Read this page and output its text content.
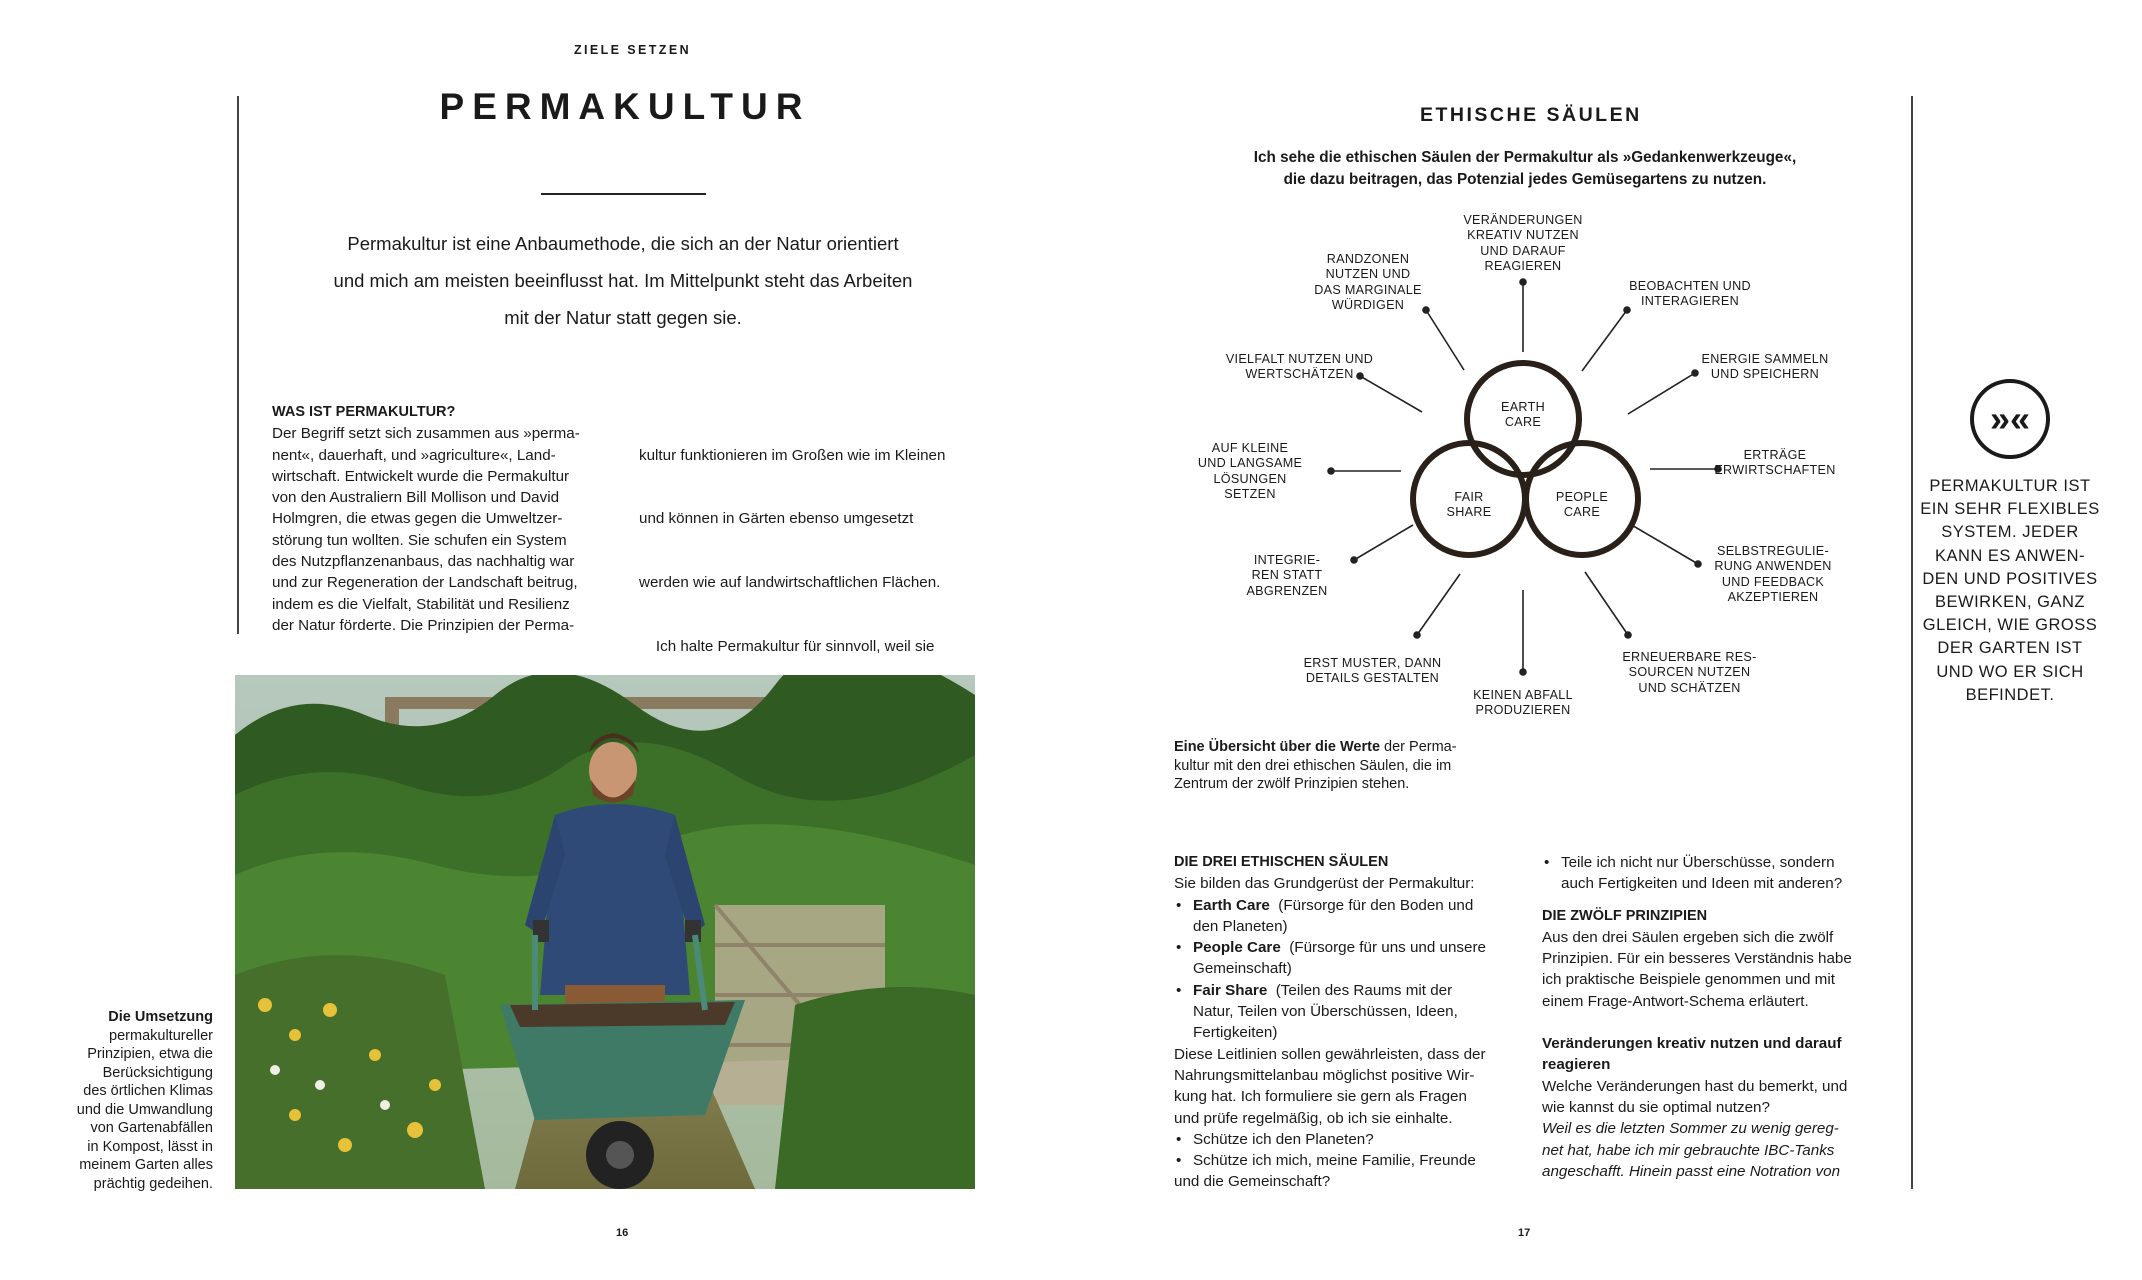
ZIELE SETZEN
PERMAKULTUR
Permakultur ist eine Anbaumethode, die sich an der Natur orientiert
und mich am meisten beeinflusst hat. Im Mittelpunkt steht das Arbeiten
mit der Natur statt gegen sie.
WAS IST PERMAKULTUR?
Der Begriff setzt sich zusammen aus »perma-
nent«, dauerhaft, und »agriculture«, Land-
wirtschaft. Entwickelt wurde die Permakultur
von den Australiern Bill Mollison und David
Holmgren, die etwas gegen die Umweltzer-
störung tun wollten. Sie schufen ein System
des Nutzpflanzenanbaus, das nachhaltig war
und zur Regeneration der Landschaft beitrug,
indem es die Vielfalt, Stabilität und Resilienz
der Natur förderte. Die Prinzipien der Perma-

kultur funktionieren im Großen wie im Kleinen

und können in Gärten ebenso umgesetzt

werden wie auf landwirtschaftlichen Flächen.

Ich halte Permakultur für sinnvoll, weil sie

Die Umsetzung
permakultureller
Prinzipien, etwa die
Berücksichtigung
des örtlichen Klimas
und die Umwandlung
von Gartenabfällen
in Kompost, lässt in
meinem Garten alles
prächtig gedeihen.
16
ETHISCHE SÄULEN
Ich sehe die ethischen Säulen der Permakultur als »Gedankenwerkzeuge«,
die dazu beitragen, das Potenzial jedes Gemüsegartens zu nutzen.
EARTH
CARE
FAIR
SHARE
PEOPLE
CARE
VERÄNDERUNGEN
KREATIV NUTZEN
UND DARAUF
REAGIEREN
BEOBACHTEN UND
INTERAGIEREN
ENERGIE SAMMELN
UND SPEICHERN
ERTRÄGE
ERWIRTSCHAFTEN
SELBSTREGULIE-
RUNG ANWENDEN
UND FEEDBACK
AKZEPTIEREN
ERNEUERBARE RES-
SOURCEN NUTZEN
UND SCHÄTZEN
KEINEN ABFALL
PRODUZIEREN
ERST MUSTER, DANN
DETAILS GESTALTEN
INTEGRIE-
REN STATT
ABGRENZEN
AUF KLEINE
UND LANGSAME
LÖSUNGEN
SETZEN
VIELFALT NUTZEN UND
WERTSCHÄTZEN
RANDZONEN
NUTZEN UND
DAS MARGINALE
WÜRDIGEN
Eine Übersicht über die Werte der Perma-
kultur mit den drei ethischen Säulen, die im
Zentrum der zwölf Prinzipien stehen.
DIE DREI ETHISCHEN SÄULEN
Sie bilden das Grundgerüst der Permakultur:
• Earth Care (Fürsorge für den Boden und
den Planeten)
• People Care (Fürsorge für uns und unsere
Gemeinschaft)
• Fair Share (Teilen des Raums mit der
Natur, Teilen von Überschüssen, Ideen,
Fertigkeiten)
Diese Leitlinien sollen gewährleisten, dass der
Nahrungsmittelanbau möglichst positive Wir-
kung hat. Ich formuliere sie gern als Fragen
und prüfe regelmäßig, ob ich sie einhalte.
• Schütze ich den Planeten?
• Schütze ich mich, meine Familie, Freunde
und die Gemeinschaft?
• Teile ich nicht nur Überschüsse, sondern
auch Fertigkeiten und Ideen mit anderen?
DIE ZWÖLF PRINZIPIEN
Aus den drei Säulen ergeben sich die zwölf
Prinzipien. Für ein besseres Verständnis habe
ich praktische Beispiele genommen und mit
einem Frage-Antwort-Schema erläutert.
Veränderungen kreativ nutzen und darauf
reagieren
Welche Veränderungen hast du bemerkt, und
wie kannst du sie optimal nutzen?
Weil es die letzten Sommer zu wenig gereg-
net hat, habe ich mir gebrauchte IBC-Tanks
angeschafft. Hinein passt eine Notration von
»«
PERMAKULTUR IST
EIN SEHR FLEXIBLES
SYSTEM. JEDER
KANN ES ANWEN-
DEN UND POSITIVES
BEWIRKEN, GANZ
GLEICH, WIE GROSS
DER GARTEN IST
UND WO ER SICH
BEFINDET.
17
